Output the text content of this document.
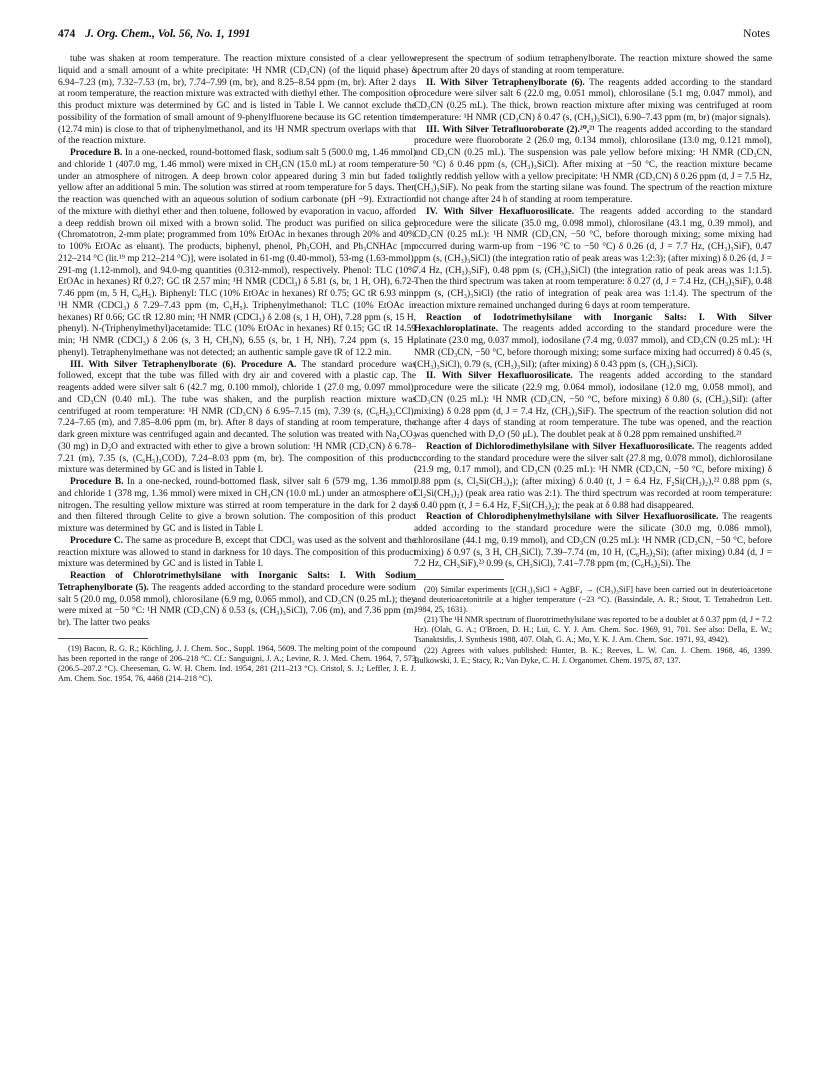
474 J. Org. Chem., Vol. 56, No. 1, 1991	Notes

tube was shaken at room temperature. The reaction mixture consisted of a clear yellow liquid and a small amount of a white precipitate: ¹H NMR (CD₃CN) (of the liquid phase) δ 6.94–7.23 (m), 7.32–7.53 (m, br), 7.74–7.99 (m, br), and 8.25–8.54 ppm (m, br). After 2 days at room temperature, the reaction mixture was extracted with diethyl ether. The composition of this product mixture was determined by GC and is listed in Table I. We cannot exclude the possibility of the formation of small amount of 9-phenylfluorene because its GC retention time (12.74 min) is close to that of triphenylmethanol, and its ¹H NMR spectrum overlaps with that of the reaction mixture.

Procedure B. In a one-necked, round-bottomed flask, sodium salt 5 (500.0 mg, 1.46 mmol) and chloride 1 (407.0 mg, 1.46 mmol) were mixed in CH₃CN (15.0 mL) at room temperature under an atmosphere of nitrogen. A deep brown color appeared during 3 min but faded to yellow after an additional 5 min. The solution was stirred at room temperature for 5 days. Then the reaction was quenched with an aqueous solution of sodium carbonate (pH ~9). Extraction of the mixture with diethyl ether and then toluene, followed by evaporation in vacuo, afforded a deep reddish brown oil mixed with a brown solid. The product was purified on silica gel (Chromatotron, 2-mm plate; programmed from 10% EtOAc in hexanes through 20% and 40% to 100% EtOAc as eluant). The products, biphenyl, phenol, Ph₃COH, and Ph₃CNHAc [mp 212–214 °C (lit.¹⁹ mp 212–214 °C)], were isolated in 61-mg (0.40-mmol), 53-mg (1.63-mmol), 291-mg (1.12-mmol), and 94.0-mg quantities (0.312-mmol), respectively. Phenol: TLC (10% EtOAc in hexanes) Rf 0.27; GC tR 2.57 min; ¹H NMR (CDCl₃) δ 5.81 (s, br, 1 H, OH), 6.72–7.46 ppm (m, 5 H, C₆H₅). Biphenyl: TLC (10% EtOAc in hexanes) Rf 0.75; GC tR 6.93 min; ¹H NMR (CDCl₃) δ 7.29–7.43 ppm (m, C₆H₅). Triphenylmethanol: TLC (10% EtOAc in hexanes) Rf 0.66; GC tR 12.80 min; ¹H NMR (CDCl₃) δ 2.08 (s, 1 H, OH), 7.28 ppm (s, 15 H, phenyl). N-(Triphenylmethyl)acetamide: TLC (10% EtOAc in hexanes) Rf 0.15; GC tR 14.59 min; ¹H NMR (CDCl₃) δ 2.06 (s, 3 H, CH₃N), 6.55 (s, br, 1 H, NH), 7.24 ppm (s, 15 H, phenyl). Tetraphenylmethane was not detected; an authentic sample gave tR of 12.2 min.

III. With Silver Tetraphenylborate (6). Procedure A. The standard procedure was followed, except that the tube was filled with dry air and covered with a plastic cap. The reagents added were silver salt 6 (42.7 mg, 0.100 mmol), chloride 1 (27.0 mg, 0.097 mmol), and CD₃CN (0.40 mL). The tube was shaken, and the purplish reaction mixture was centrifuged at room temperature: ¹H NMR (CD₃CN) δ 6.95–7.15 (m), 7.39 (s, (C₆H₅)₃CCl), 7.24–7.65 (m), and 7.85–8.06 ppm (m, br). After 8 days of standing at room temperature, the dark green mixture was centrifuged again and decanted. The solution was treated with Na₂CO₃ (30 mg) in D₂O and extracted with ether to give a brown solution: ¹H NMR (CD₃CN) δ 6.78–7.21 (m), 7.35 (s, (C₆H₅)₃COD), 7.24–8.03 ppm (m, br). The composition of this product mixture was determined by GC and is listed in Table I.

Procedure B. In a one-necked, round-bottomed flask, silver salt 6 (579 mg, 1.36 mmol) and chloride 1 (378 mg, 1.36 mmol) were mixed in CH₃CN (10.0 mL) under an atmosphere of nitrogen. The resulting yellow mixture was stirred at room temperature in the dark for 2 days and then filtered through Celite to give a brown solution. The composition of this product mixture was determined by GC and is listed in Table I.

Procedure C. The same as procedure B, except that CDCl₃ was used as the solvent and the reaction mixture was allowed to stand in darkness for 10 days. The composition of this product mixture was determined by GC and is listed in Table I.

Reaction of Chlorotrimethylsilane with Inorganic Salts: I. With Sodium Tetraphenylborate (5). The reagents added according to the standard procedure were sodium salt 5 (20.0 mg, 0.058 mmol), chlorosilane (6.9 mg, 0.065 mmol), and CD₃CN (0.25 mL); they were mixed at −50 °C: ¹H NMR (CD₃CN) δ 0.53 (s, (CH₃)₃SiCl), 7.06 (m), and 7.36 ppm (m, br). The latter two peaks

(19) Bacon, R. G. R.; Köchling, J. J. Chem. Soc., Suppl. 1964, 5609. The melting point of the compound has been reported in the range of 206–218 °C. Cf.: Sanguigni, J. A.; Levine, R. J. Med. Chem. 1964, 7, 573 (206.5–207.2 °C). Cheeseman, G. W. H. Chem. Ind. 1954, 281 (211–213 °C). Cristol, S. J.; Leffler, J. E. J. Am. Chem. Soc. 1954, 76, 4468 (214–218 °C).

represent the spectrum of sodium tetraphenylborate. The reaction mixture showed the same spectrum after 20 days of standing at room temperature.

II. With Silver Tetraphenylborate (6). The reagents added according to the standard procedure were silver salt 6 (22.0 mg, 0.051 mmol), chlorosilane (5.1 mg, 0.047 mmol), and CD₃CN (0.25 mL). The thick, brown reaction mixture after mixing was centrifuged at room temperature: ¹H NMR (CD₃CN) δ 0.47 (s, (CH₃)₃SiCl), 6.90–7.43 ppm (m, br) (major signals).

III. With Silver Tetrafluoroborate (2).²⁰,²¹ The reagents added according to the standard procedure were fluoroborate 2 (26.0 mg, 0.134 mmol), chlorosilane (13.0 mg, 0.121 mmol), and CD₃CN (0.25 mL). The suspension was pale yellow before mixing: ¹H NMR (CD₃CN, −50 °C) δ 0.46 ppm (s, (CH₃)₃SiCl). After mixing at −50 °C, the reaction mixture became slightly reddish yellow with a yellow precipitate: ¹H NMR (CD₃CN) δ 0.26 ppm (d, J = 7.5 Hz, (CH₃)₃SiF). No peak from the starting silane was found. The spectrum of the reaction mixture did not change after 24 h of standing at room temperature.

IV. With Silver Hexafluorosilicate. The reagents added according to the standard procedure were the silicate (35.0 mg, 0.098 mmol), chlorosilane (43.1 mg, 0.39 mmol), and CD₃CN (0.25 mL): ¹H NMR (CD₃CN, −50 °C, before thorough mixing; some mixing had occurred during warm-up from −196 °C to −50 °C) δ 0.26 (d, J = 7.7 Hz, (CH₃)₃SiF), 0.47 ppm (s, (CH₃)₃SiCl) (the integration ratio of peak areas was 1:2:3); (after mixing) δ 0.26 (d, J = 7.4 Hz, (CH₃)₃SiF), 0.48 ppm (s, (CH₃)₃SiCl) (the integration ratio of peak areas was 1:1.5). Then the third spectrum was taken at room temperature: δ 0.27 (d, J = 7.4 Hz, (CH₃)₃SiF), 0.48 ppm (s, (CH₃)₃SiCl) (the ratio of integration of peak area was 1:1.4). The spectrum of the reaction mixture remained unchanged during 6 days at room temperature.

Reaction of Iodotrimethylsilane with Inorganic Salts: I. With Silver Hexachloroplatinate. The reagents added according to the standard procedure were the platinate (23.0 mg, 0.037 mmol), iodosilane (7.4 mg, 0.037 mmol), and CD₃CN (0.25 mL): ¹H NMR (CD₃CN, −50 °C, before thorough mixing; some surface mixing had occurred) δ 0.45 (s, (CH₃)₃SiCl), 0.79 (s, (CH₃)₃SiI); (after mixing) δ 0.43 ppm (s, (CH₃)₃SiCl).

II. With Silver Hexafluorosilicate. The reagents added according to the standard procedure were the silicate (22.9 mg, 0.064 mmol), iodosilane (12.0 mg, 0.058 mmol), and CD₃CN (0.25 mL): ¹H NMR (CD₃CN, −50 °C, before mixing) δ 0.80 (s, (CH₃)₃SiI): (after mixing) δ 0.28 ppm (d, J = 7.4 Hz, (CH₃)₃SiF). The spectrum of the reaction solution did not change after 4 days of standing at room temperature. The tube was opened, and the reaction was quenched with D₂O (50 μL). The doublet peak at δ 0.28 ppm remained unshifted.²¹

Reaction of Dichlorodimethylsilane with Silver Hexafluorosilicate. The reagents added according to the standard procedure were the silver salt (27.8 mg, 0.078 mmol), dichlorosilane (21.9 mg, 0.17 mmol), and CD₃CN (0.25 mL): ¹H NMR (CD₃CN, −50 °C, before mixing) δ 0.88 ppm (s, Cl₂Si(CH₃)₂); (after mixing) δ 0.40 (t, J = 6.4 Hz, F₂Si(CH₃)₂),²² 0.88 ppm (s, Cl₂Si(CH₃)₂) (peak area ratio was 2:1). The third spectrum was recorded at room temperature: δ 0.40 ppm (t, J = 6.4 Hz, F₂Si(CH₃)₂); the peak at δ 0.88 had disappeared.

Reaction of Chlorodiphenylmethylsilane with Silver Hexafluorosilicate. The reagents added according to the standard procedure were the silicate (30.0 mg, 0.086 mmol), chlorosilane (44.1 mg, 0.19 mmol), and CD₃CN (0.25 mL): ¹H NMR (CD₃CN, −50 °C, before mixing) δ 0.97 (s, 3 H, CH₃SiCl), 7.39–7.74 (m, 10 H, (C₆H₅)₂Si); (after mixing) 0.84 (d, J = 7.2 Hz, CH₃SiF),²³ 0.99 (s, CH₃SiCl), 7.41–7.78 ppm (m, (C₆H₅)₂Si). The

(20) Similar experiments [(CH₃)₃SiCl + AgBF₄ → (CH₃)₃SiF] have been carried out in deuterioacetone and deuterioacetonitrile at a higher temperature (−23 °C). (Bassindale, A. R.; Stout, T. Tetrahedron Lett. 1984, 25, 1631).

(21) The ¹H NMR spectrum of fluorotrimethylsilane was reported to be a doublet at δ 0.37 ppm (d, J = 7.2 Hz). (Olah, G. A.; O'Broen, D. H.; Lui, C. Y. J. Am. Chem. Soc. 1969, 91, 701. See also: Della, E. W.; Tsanaktsidis, J. Synthesis 1988, 407. Olah, G. A.; Mo, Y. K. J. Am. Chem. Soc. 1971, 93, 4942).

(22) Agrees with values published: Hunter, B. K.; Reeves, L. W. Can. J. Chem. 1968, 46, 1399. Bulkowski, J. E.; Stacy, R.; Van Dyke, C. H. J. Organomet. Chem. 1975, 87, 137.
